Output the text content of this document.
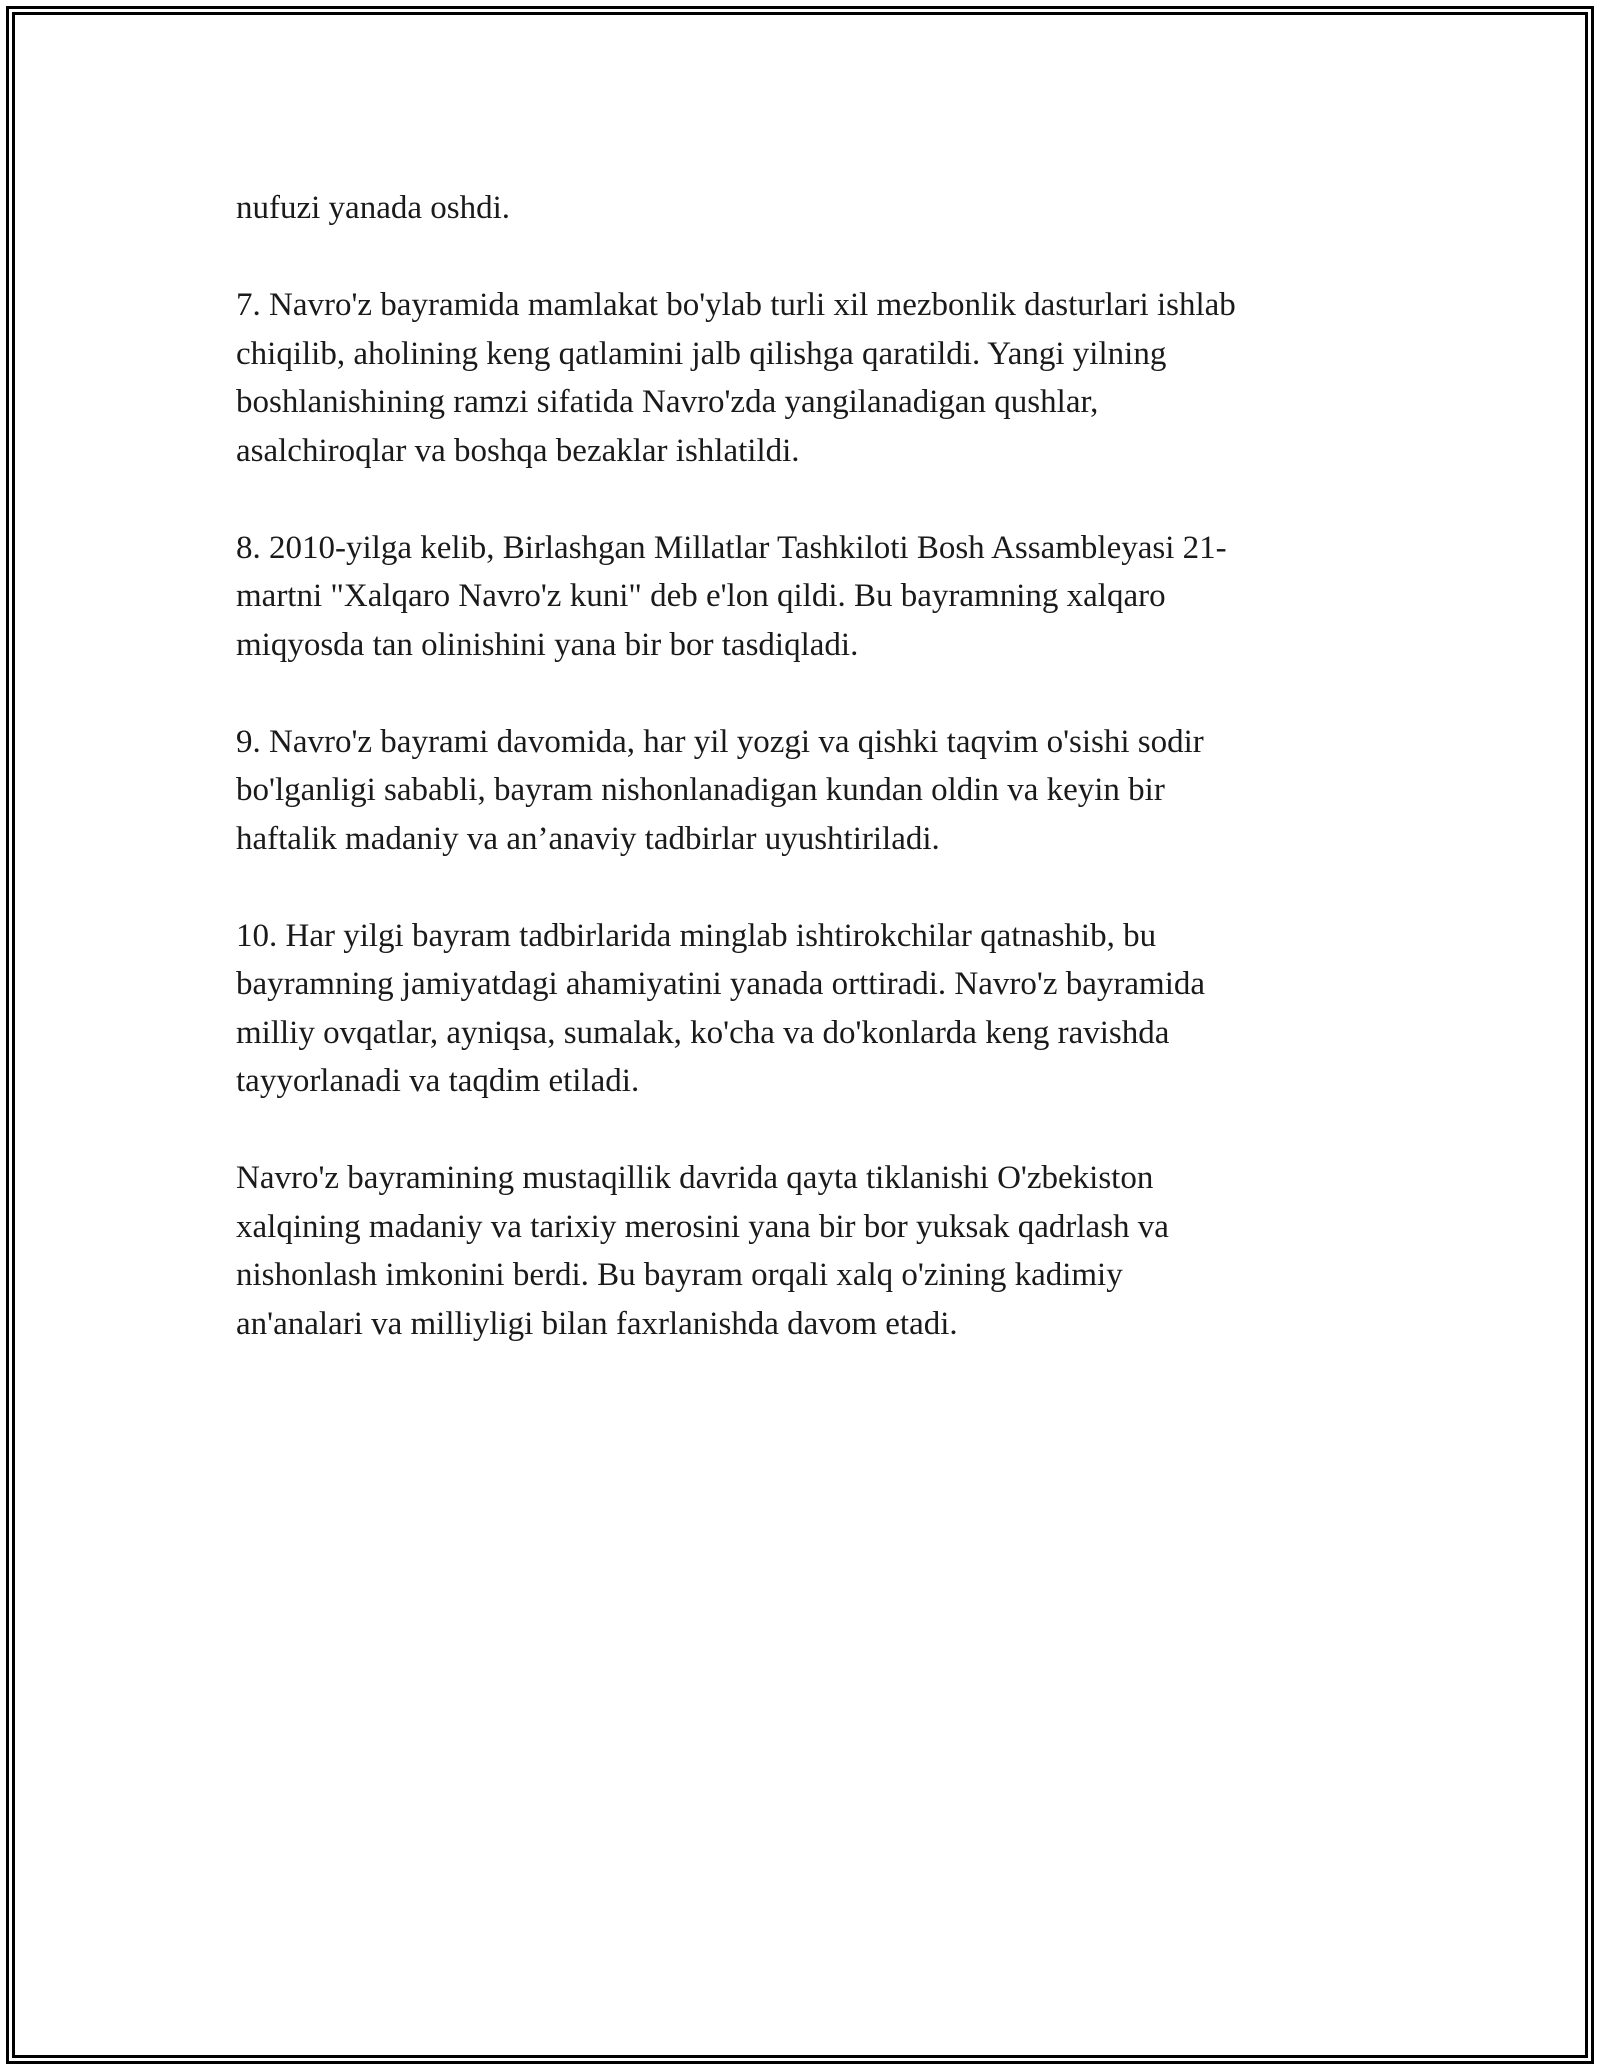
nufuzi yanada oshdi.

7. Navro'z bayramida mamlakat bo'ylab turli xil mezbonlik dasturlari ishlab
chiqilib, aholining keng qatlamini jalb qilishga qaratildi. Yangi yilning
boshlanishining ramzi sifatida Navro'zda yangilanadigan qushlar,
asalchiroqlar va boshqa bezaklar ishlatildi.

8. 2010-yilga kelib, Birlashgan Millatlar Tashkiloti Bosh Assambleyasi 21-
martni "Xalqaro Navro'z kuni" deb e'lon qildi. Bu bayramning xalqaro
miqyosda tan olinishini yana bir bor tasdiqladi.

9. Navro'z bayrami davomida, har yil yozgi va qishki taqvim o'sishi sodir
bo'lganligi sababli, bayram nishonlanadigan kundan oldin va keyin bir
haftalik madaniy va an’anaviy tadbirlar uyushtiriladi.

10. Har yilgi bayram tadbirlarida minglab ishtirokchilar qatnashib, bu
bayramning jamiyatdagi ahamiyatini yanada orttiradi. Navro'z bayramida
milliy ovqatlar, ayniqsa, sumalak, ko'cha va do'konlarda keng ravishda
tayyorlanadi va taqdim etiladi.

Navro'z bayramining mustaqillik davrida qayta tiklanishi O'zbekiston
xalqining madaniy va tarixiy merosini yana bir bor yuksak qadrlash va
nishonlash imkonini berdi. Bu bayram orqali xalq o'zining kadimiy
an'analari va milliyligi bilan faxrlanishda davom etadi.
